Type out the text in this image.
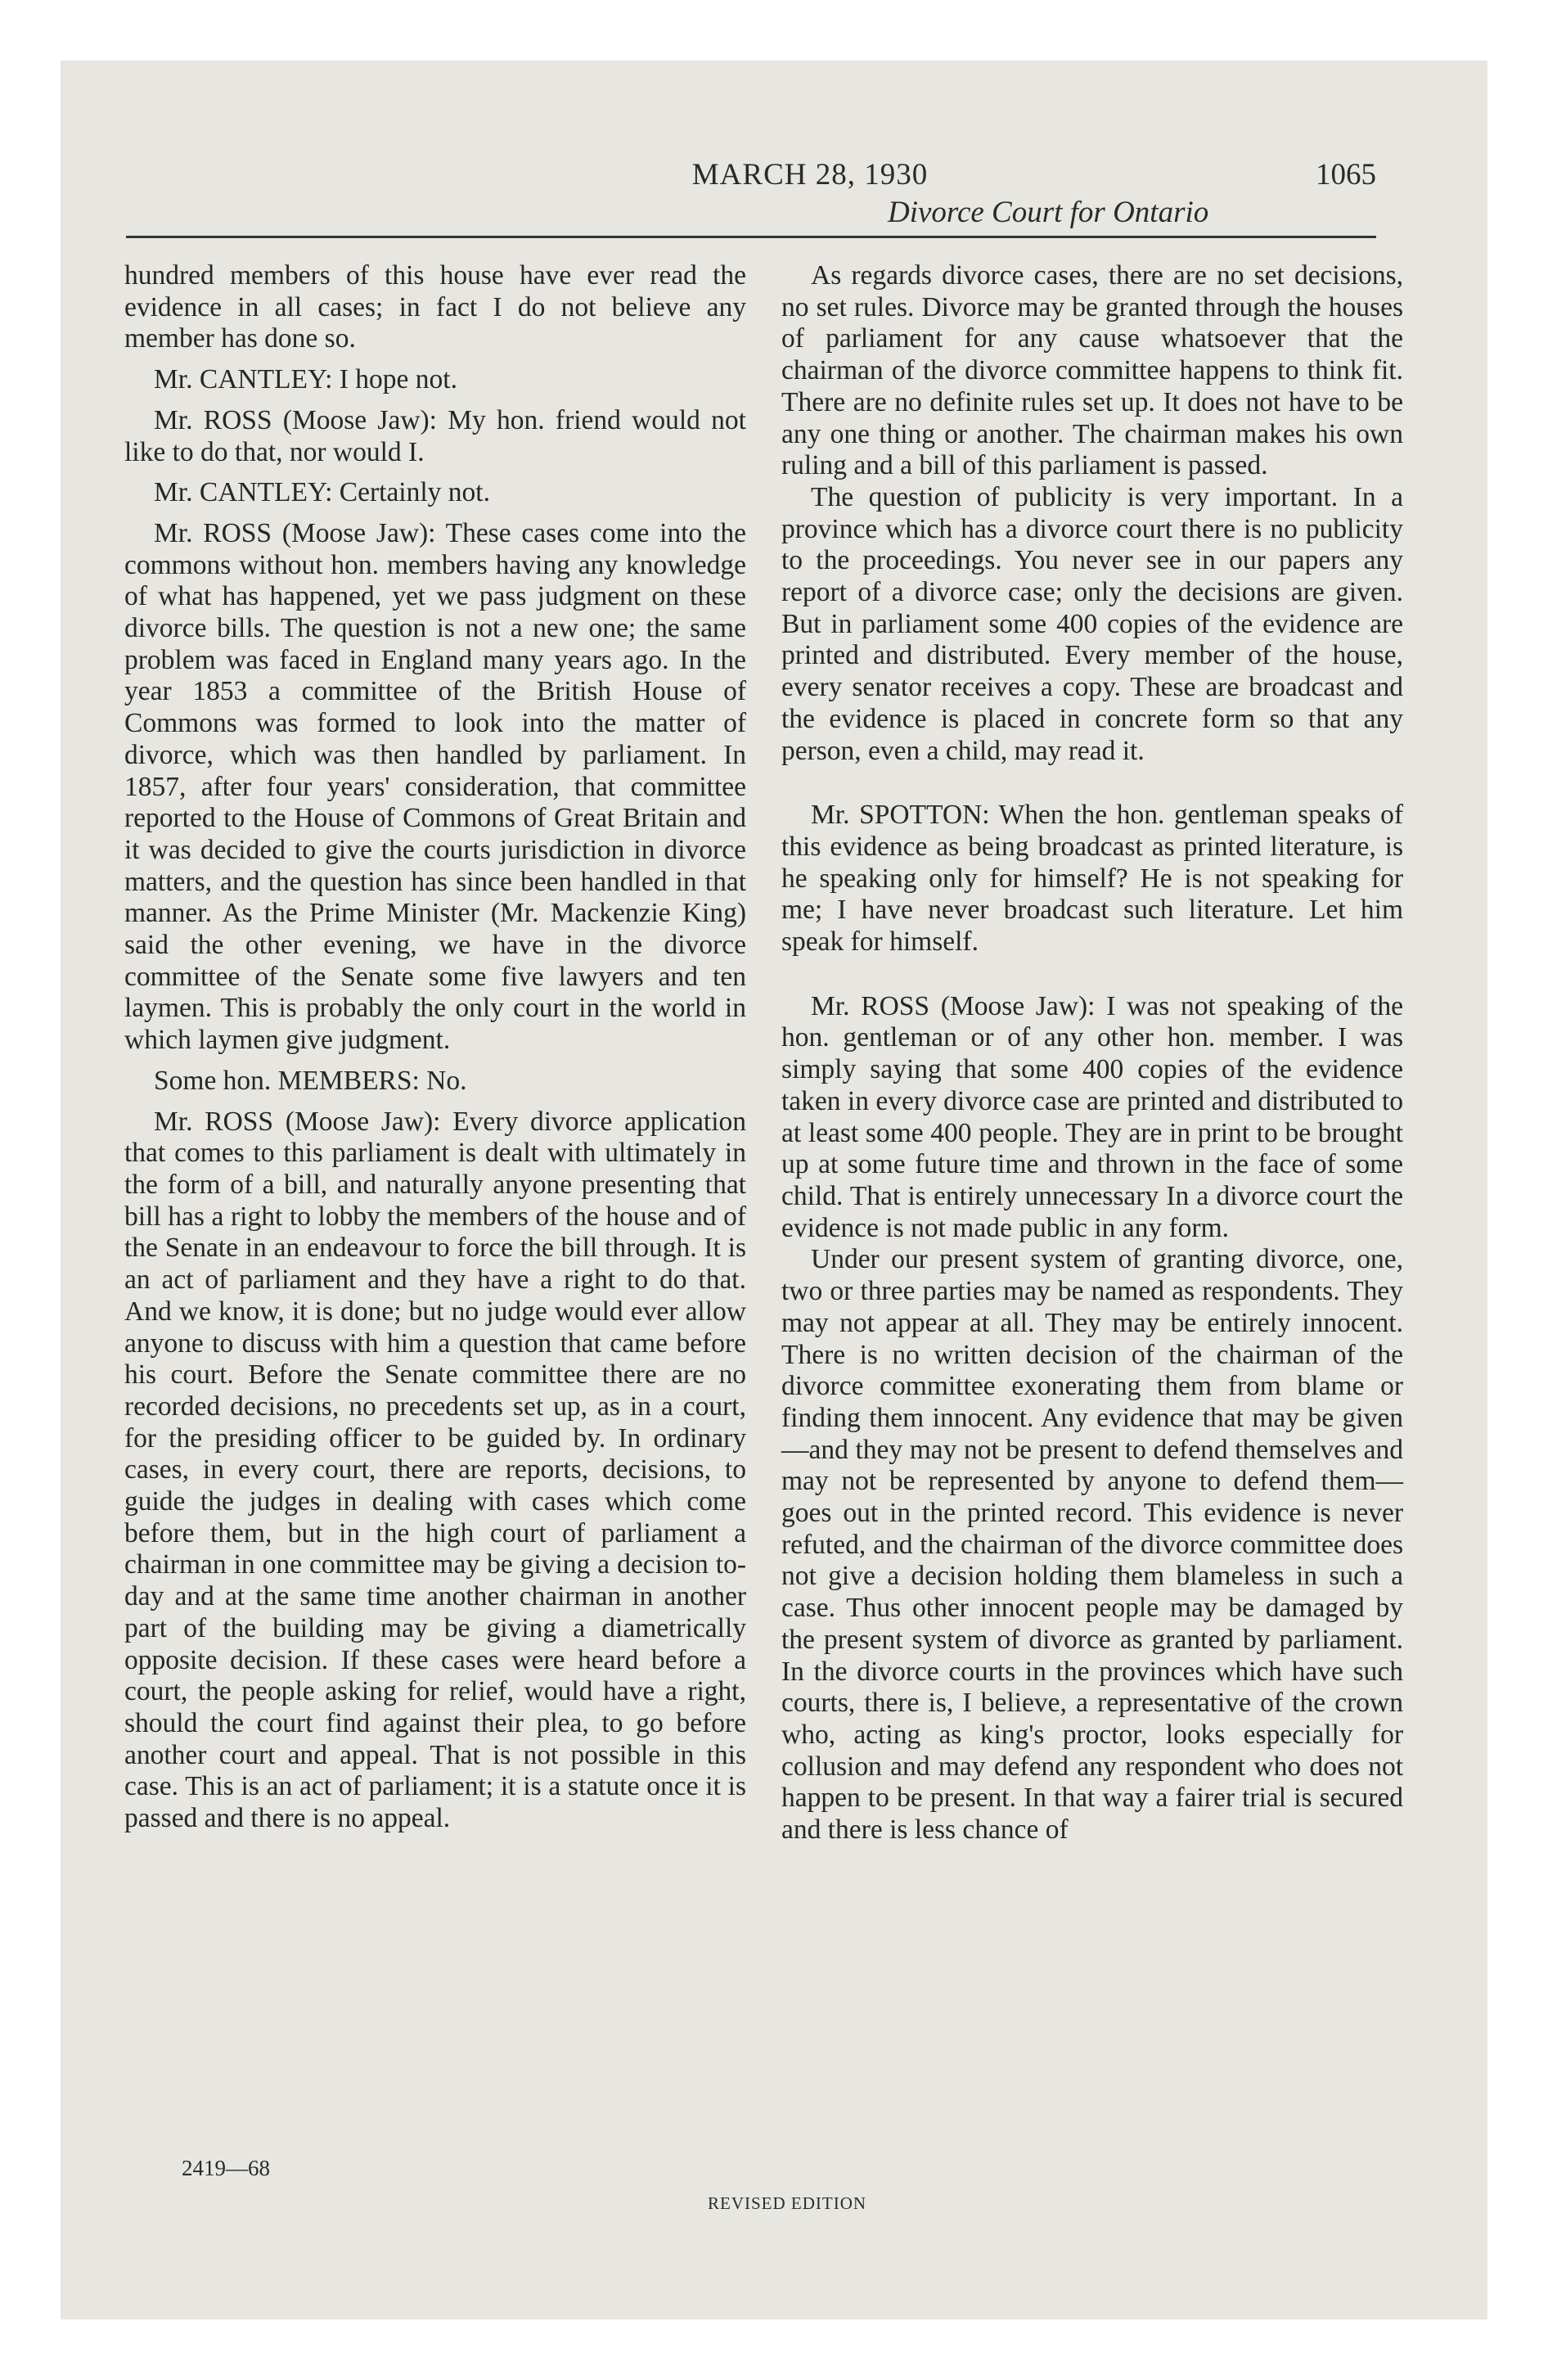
MARCH 28, 1930	1065
Divorce Court for Ontario

hundred members of this house have ever read the evidence in all cases; in fact I do not believe any member has done so.

Mr. CANTLEY: I hope not.

Mr. ROSS (Moose Jaw): My hon. friend would not like to do that, nor would I.

Mr. CANTLEY: Certainly not.

Mr. ROSS (Moose Jaw): These cases come into the commons without hon. members having any knowledge of what has happened, yet we pass judgment on these divorce bills. The question is not a new one; the same problem was faced in England many years ago. In the year 1853 a committee of the British House of Commons was formed to look into the matter of divorce, which was then handled by parliament. In 1857, after four years' consideration, that committee reported to the House of Commons of Great Britain and it was decided to give the courts jurisdiction in divorce matters, and the question has since been handled in that manner. As the Prime Minister (Mr. Mackenzie King) said the other evening, we have in the divorce committee of the Senate some five lawyers and ten laymen. This is probably the only court in the world in which laymen give judgment.

Some hon. MEMBERS: No.

Mr. ROSS (Moose Jaw): Every divorce application that comes to this parliament is dealt with ultimately in the form of a bill, and naturally anyone presenting that bill has a right to lobby the members of the house and of the Senate in an endeavour to force the bill through. It is an act of parliament and they have a right to do that. And we know, it is done; but no judge would ever allow anyone to discuss with him a question that came before his court. Before the Senate committee there are no recorded decisions, no precedents set up, as in a court, for the presiding officer to be guided by. In ordinary cases, in every court, there are reports, decisions, to guide the judges in dealing with cases which come before them, but in the high court of parliament a chairman in one committee may be giving a decision to-day and at the same time another chairman in another part of the building may be giving a diametrically opposite decision. If these cases were heard before a court, the people asking for relief, would have a right, should the court find against their plea, to go before another court and appeal. That is not possible in this case. This is an act of parliament; it is a statute once it is passed and there is no appeal.

As regards divorce cases, there are no set decisions, no set rules. Divorce may be granted through the houses of parliament for any cause whatsoever that the chairman of the divorce committee happens to think fit. There are no definite rules set up. It does not have to be any one thing or another. The chairman makes his own ruling and a bill of this parliament is passed.

The question of publicity is very important. In a province which has a divorce court there is no publicity to the proceedings. You never see in our papers any report of a divorce case; only the decisions are given. But in parliament some 400 copies of the evidence are printed and distributed. Every member of the house, every senator receives a copy. These are broadcast and the evidence is placed in concrete form so that any person, even a child, may read it.

Mr. SPOTTON: When the hon. gentleman speaks of this evidence as being broadcast as printed literature, is he speaking only for himself? He is not speaking for me; I have never broadcast such literature. Let him speak for himself.

Mr. ROSS (Moose Jaw): I was not speaking of the hon. gentleman or of any other hon. member. I was simply saying that some 400 copies of the evidence taken in every divorce case are printed and distributed to at least some 400 people. They are in print to be brought up at some future time and thrown in the face of some child. That is entirely unnecessary In a divorce court the evidence is not made public in any form.

Under our present system of granting divorce, one, two or three parties may be named as respondents. They may not appear at all. They may be entirely innocent. There is no written decision of the chairman of the divorce committee exonerating them from blame or finding them innocent. Any evidence that may be given—and they may not be present to defend themselves and may not be represented by anyone to defend them—goes out in the printed record. This evidence is never refuted, and the chairman of the divorce committee does not give a decision holding them blameless in such a case. Thus other innocent people may be damaged by the present system of divorce as granted by parliament. In the divorce courts in the provinces which have such courts, there is, I believe, a representative of the crown who, acting as king's proctor, looks especially for collusion and may defend any respondent who does not happen to be present. In that way a fairer trial is secured and there is less chance of

2419—68
REVISED EDITION
